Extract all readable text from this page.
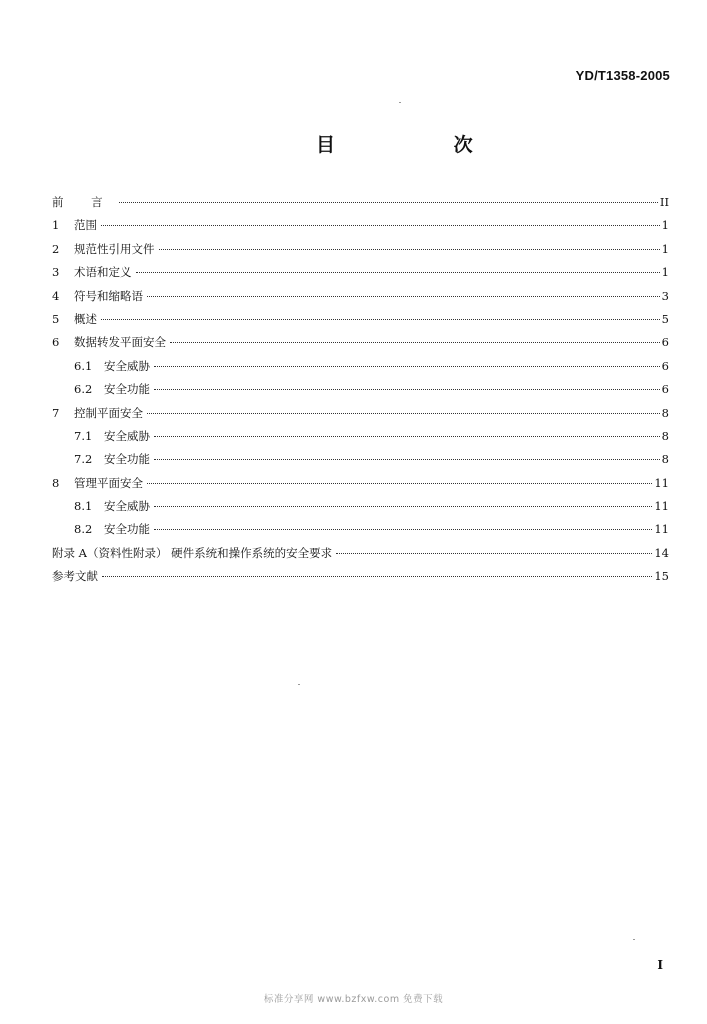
YD/T1358-2005
目 次
前 言	II
1	范围	1
2	规范性引用文件	1
3	术语和定义	1
4	符号和缩略语	3
5	概述	5
6	数据转发平面安全	6
6.1	安全威胁	6
6.2	安全功能	6
7	控制平面安全	8
7.1	安全威胁	8
7.2	安全功能	8
8	管理平面安全	11
8.1	安全威胁	11
8.2	安全功能	11
附录 A（资料性附录） 硬件系统和操作系统的安全要求	14
参考文献	15
I
标准分享网 www.bzfxw.com 免费下载
